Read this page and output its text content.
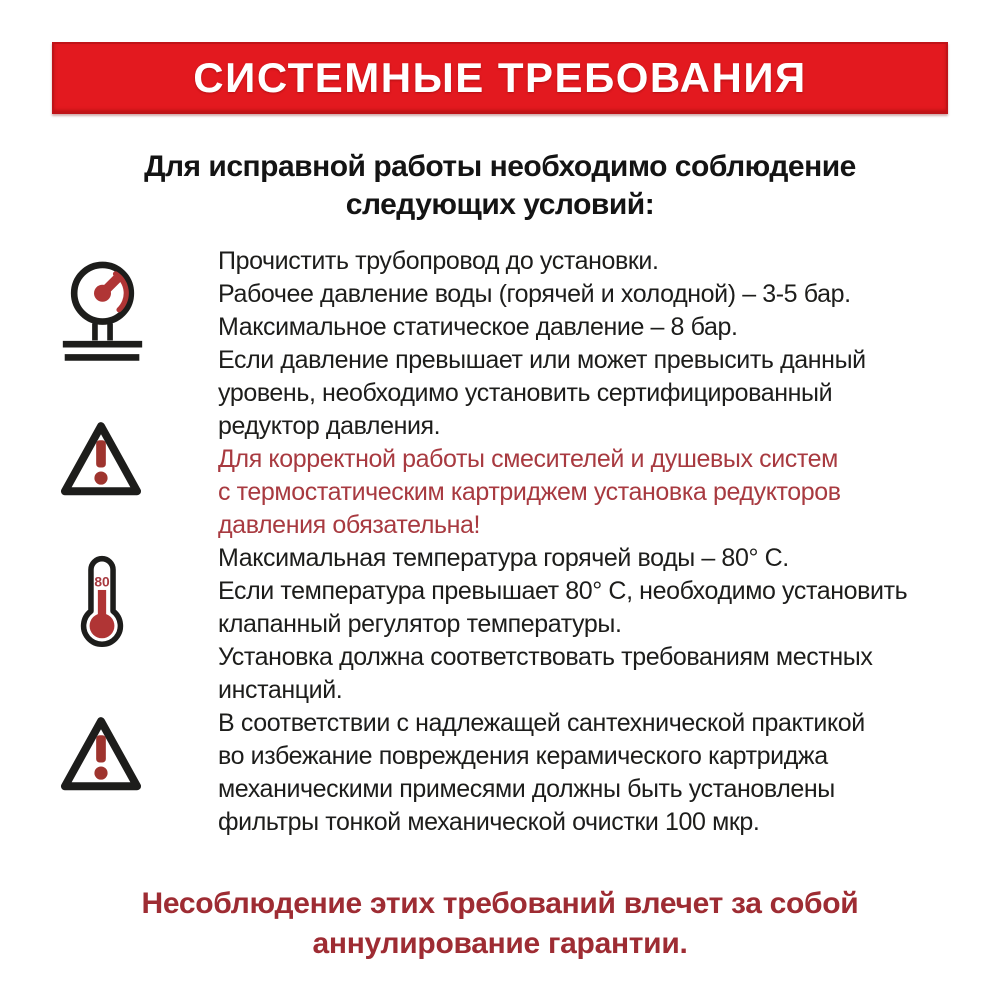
СИСТЕМНЫЕ ТРЕБОВАНИЯ
Для исправной работы необходимо соблюдение
следующих условий:
80
Прочистить трубопровод до установки.
Рабочее давление воды (горячей и холодной) – 3-5 бар.
Максимальное статическое давление – 8 бар.
Если давление превышает или может превысить данный
уровень, необходимо установить сертифицированный
редуктор давления.
Для корректной работы смесителей и душевых систем
с термостатическим картриджем установка редукторов
давления обязательна!
Максимальная температура горячей воды – 80° С.
Если температура превышает 80° С, необходимо установить
клапанный регулятор температуры.
Установка должна соответствовать требованиям местных
инстанций.
В соответствии с надлежащей сантехнической практикой
во избежание повреждения керамического картриджа
механическими примесями должны быть установлены
фильтры тонкой механической очистки 100 мкр.
Несоблюдение этих требований влечет за собой
аннулирование гарантии.
